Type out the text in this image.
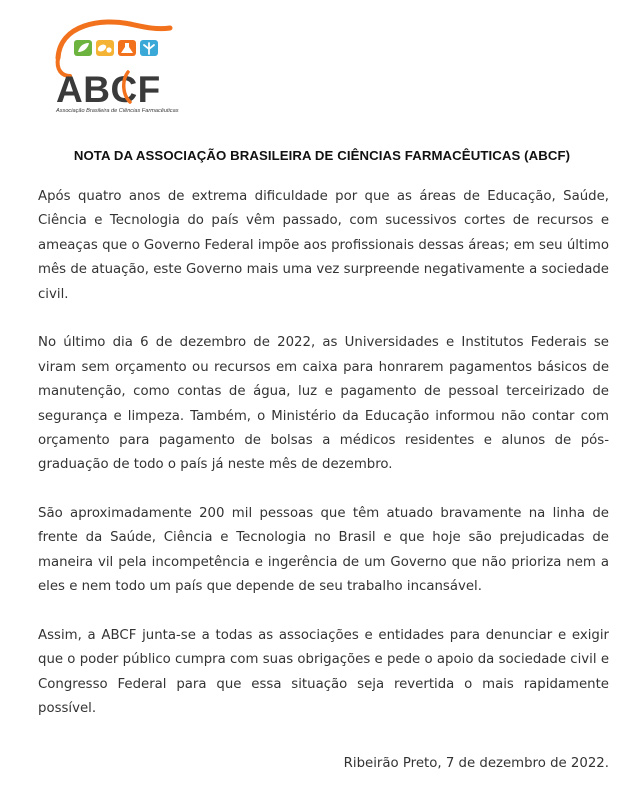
ABCF
Associação Brasileira de Ciências Farmacêuticas
NOTA DA ASSOCIAÇÃO BRASILEIRA DE CIÊNCIAS FARMACÊUTICAS (ABCF)

Após quatro anos de extrema dificuldade por que as áreas de Educação, Saúde, Ciência e Tecnologia do país vêm passado, com sucessivos cortes de recursos e ameaças que o Governo Federal impõe aos profissionais dessas áreas; em seu último mês de atuação, este Governo mais uma vez surpreende negativamente a sociedade civil.

No último dia 6 de dezembro de 2022, as Universidades e Institutos Federais se viram sem orçamento ou recursos em caixa para honrarem pagamentos básicos de manutenção, como contas de água, luz e pagamento de pessoal terceirizado de segurança e limpeza. Também, o Ministério da Educação informou não contar com orçamento para pagamento de bolsas a médicos residentes e alunos de pós-graduação de todo o país já neste mês de dezembro.

São aproximadamente 200 mil pessoas que têm atuado bravamente na linha de frente da Saúde, Ciência e Tecnologia no Brasil e que hoje são prejudicadas de maneira vil pela incompetência e ingerência de um Governo que não prioriza nem a eles e nem todo um país que depende de seu trabalho incansável.

Assim, a ABCF junta-se a todas as associações e entidades para denunciar e exigir que o poder público cumpra com suas obrigações e pede o apoio da sociedade civil e Congresso Federal para que essa situação seja revertida o mais rapidamente possível.

Ribeirão Preto, 7 de dezembro de 2022.
